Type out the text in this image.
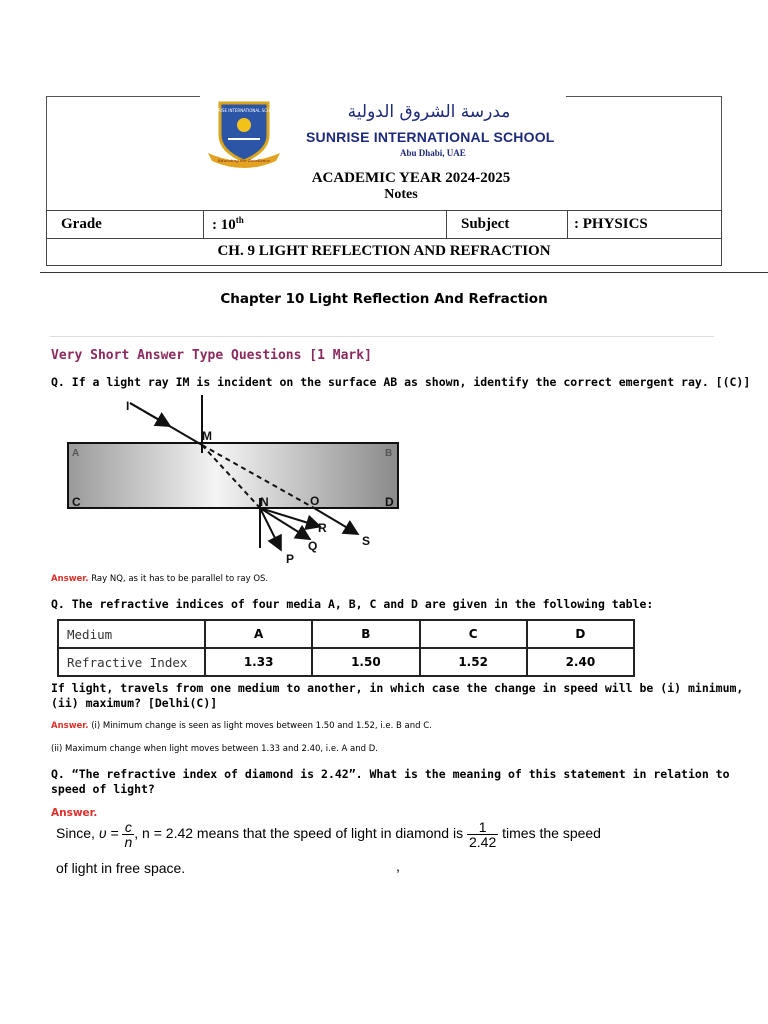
SUNRISE INTERNATIONAL SCHOOL
Educating For Excellence
مدرسة الشروق الدولية
SUNRISE INTERNATIONAL SCHOOL
Abu Dhabi, UAE
ACADEMIC YEAR 2024-2025
Notes
Grade	: 10th	Subject	: PHYSICS
CH. 9 LIGHT REFLECTION AND REFRACTION
Chapter 10 Light Reflection And Refraction
Very Short Answer Type Questions [1 Mark]
Q. If a light ray IM is incident on the surface AB as shown, identify the correct emergent ray. [(C)]
I
M
N	O
A	B
C	D
P
Q
R
S
Answer. Ray NQ, as it has to be parallel to ray OS.
Q. The refractive indices of four media A, B, C and D are given in the following table:
Medium	A	B	C	D
Refractive Index	1.33	1.50	1.52	2.40
If light, travels from one medium to another, in which case the change in speed will be (i) minimum,
(ii) maximum? [Delhi(C)]
Answer. (i) Minimum change is seen as light moves between 1.50 and 1.52, i.e. B and C.
(ii) Maximum change when light moves between 1.33 and 2.40, i.e. A and D.
Q. “The refractive index of diamond is 2.42”. What is the meaning of this statement in relation to
speed of light?
Answer.
Since, $\upsilon = \frac{c}{n}$ , n = 2.42 means that the speed of light in diamond is $\frac{1}{2.42}$ times the speed
of light in free space.	,
